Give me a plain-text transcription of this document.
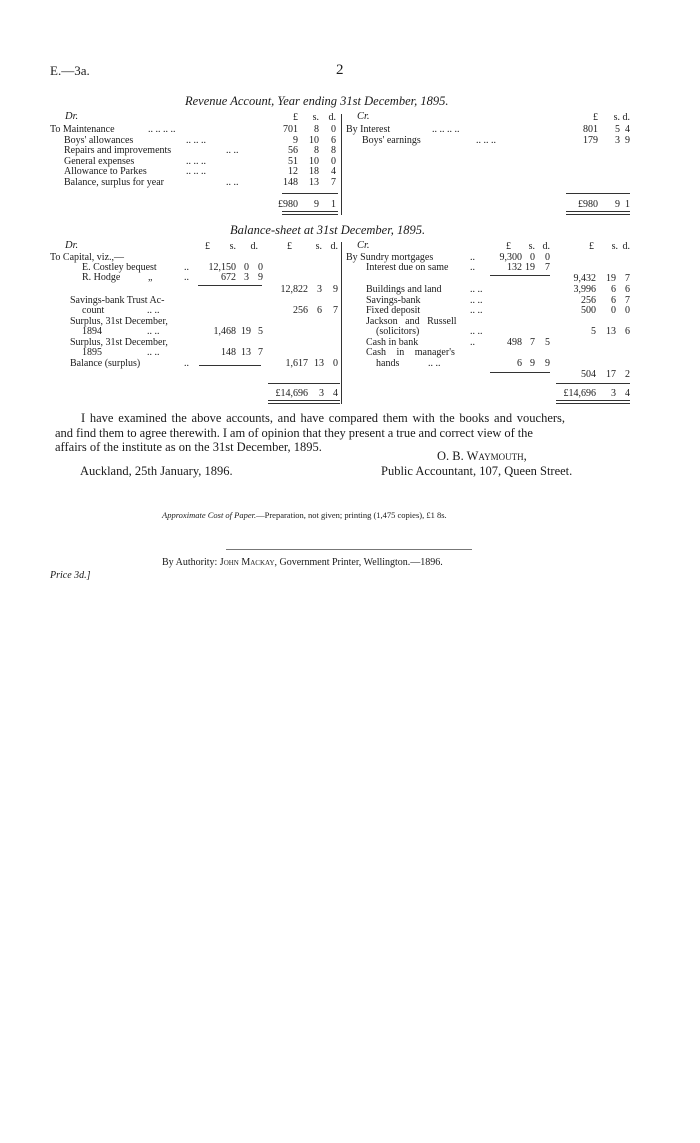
E.—3a.	2
Revenue Account, Year ending 31st December, 1895.
Dr.	Cr.
£	s. d.	£	s. d.
To Maintenance	.. .. .. ..	701	8	0
Boys' allowances	.. .. ..	9	10	6
Repairs and improvements	.. ..	56	8	8
General expenses	.. .. ..	51	10	0
Allowance to Parkes	.. .. ..	12	18	4
Balance, surplus for year	.. ..	148	13	7
By Interest	.. .. .. ..	801	5 4
Boys' earnings	.. .. ..	179	3 9
£980	9	1	£980	9 1
Balance-sheet at 31st December, 1895.
Dr.	Cr.
£	s.	d.	£	s. d.	£	s. d.	£	s. d.
To Capital, viz.,—
E. Costley bequest	..	12,150 0 0
R. Hodge	„	..	672 3 9
12,822 3	9
Savings-bank Trust Ac-
count	.. ..	256 6	7
Surplus, 31st December,
1894	.. ..	1,468 19 5
Surplus, 31st December,
1895	.. ..	148 13 7
Balance (surplus)	..	1,617 13 0
By Sundry mortgages	..	9,300 0	0
Interest due on same ..	132 19	7
9,432	19 7
Buildings and land	.. ..	3,996	6 6
Savings-bank	.. ..	256	6 7
Fixed deposit	.. ..	500	0 0
Jackson and Russell
(solicitors)	.. ..	5	13 6
Cash in bank	..	498 7	5
Cash in manager's
hands	.. ..	6 9	9
504	17 2
£14,696	3 4	£14,696	3 4
I have examined the above accounts, and have compared them with the books and vouchers,
and find them to agree therewith. I am of opinion that they present a true and correct view of the
affairs of the institute as on the 31st December, 1895.
O. B. Waymouth,
Auckland, 25th January, 1896.	Public Accountant, 107, Queen Street.
Approximate Cost of Paper.—Preparation, not given; printing (1,475 copies), £1 8s.
By Authority: John Mackay, Government Printer, Wellington.—1896.
Price 3d.]
